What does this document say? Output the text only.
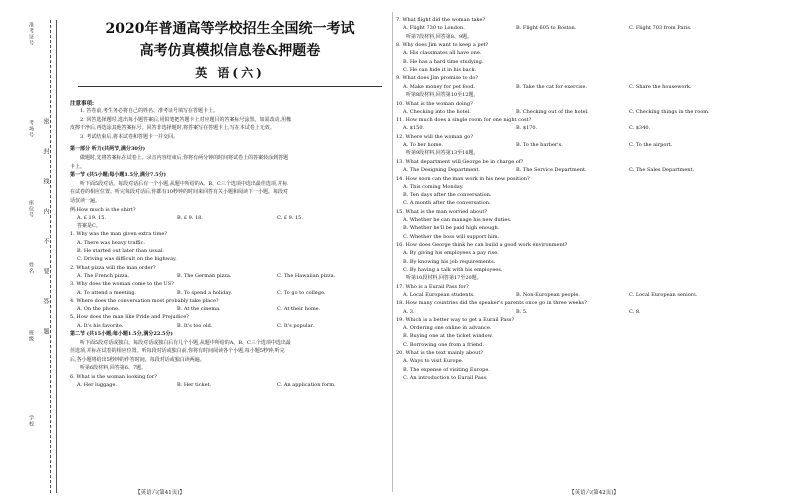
准考证号
考场号
座位号
姓名
班级
学校
密
封
线
内
不
要
答
题
2020年普通高等学校招生全国统一考试
高考仿真模拟信息卷&押题卷
英 语(六)
注意事项:
1. 答卷前,考生务必将自己的姓名、准考证号填写在答题卡上。
2. 回答选择题时,选出每小题答案后,用铅笔把答题卡上对应题目的答案标号涂黑。如需改动,用橡
皮擦干净后,再选涂其他答案标号。回答非选择题时,将答案写在答题卡上,写在本试卷上无效。
3. 考试结束后,将本试卷和答题卡一并交回。
第一部分 听力(共两节,满分30分)
做题时,先将答案标在试卷上。录音内容结束后,你将有两分钟的时间将试卷上的答案转涂到答题
卡上。
第一节 (共5小题;每小题1.5分,满分7.5分)
听下面5段对话。每段对话后有一个小题,从题中所给的A、B、C三个选项中选出最佳选项,并标
在试卷的相应位置。听完每段对话后,你都有10秒钟的时间来回答有关小题和阅读下一小题。每段对
话仅读一遍。
例:How much is the shirt?
A. £ 19. 15.	B. £ 9. 18.	C. £ 9. 15.
答案是C。
1. Why was the man given extra time?
A. There was heavy traffic.
B. He started out later than usual.
C. Driving was difficult on the highway.
2. What pizza will the man order?
A. The French pizza.	B. The German pizza.	C. The Hawaiian pizza.
3. Why does the woman come to the US?
A. To attend a meeting.	B. To spend a holiday.	C. To go to college.
4. Where does the conversation most probably take place?
A. On the phone.	B. At the cinema.	C. At their home.
5. How does the man like Pride and Prejudice?
A. It's his favorite.	B. It's too old.	C. It's popular.
第二节 (共15小题;每小题1.5分,满分22.5分)
听下面5段对话或独白。每段对话或独白后有几个小题,从题中所给的A、B、C三个选项中选出最
佳选项,并标在试卷的相应位置。听每段对话或独白前,你将有时间阅读各个小题,每小题5秒钟;听完
后,各小题将给出5秒钟的作答时间。每段对话或独白读两遍。
听第6段材料,回答第6、7题。
6. What is the woman looking for?
A. Her luggage.	B. Her ticket.	C. An application form.
7. What flight did the woman take?
A. Flight 730 to London.	B. Flight 605 to Boston.	C. Flight 703 from Paris.
听第7段材料,回答第8、9题。
8. Why does Jim want to keep a pet?
A. His classmates all have one.
B. He has a hard time studying.
C. He can hide it in his back.
9. What does Jim promise to do?
A. Make money for pet food.	B. Take the cat for exercise.	C. Share the housework.
听第8段材料,回答第10至12题。
10. What is the woman doing?
A. Checking into the hotel.	B. Checking out of the hotel.	C. Checking things in the room.
11. How much does a single room for one night cost?
A. $150.	B. $170.	C. $340.
12. Where will the woman go?
A. To her home.	B. To the barber's.	C. To the airport.
听第9段材料,回答第13至16题。
13. What department will George be in charge of?
A. The Designing Department.	B. The Service Department.	C. The Sales Department.
14. How soon can the man work in his new position?
A. This coming Monday.
B. Ten days after the conversation.
C. A month after the conversation.
15. What is the man worried about?
A. Whether he can manage his new duties.
B. Whether he'll be paid high enough.
C. Whether the boss will support him.
16. How does George think he can build a good work environment?
A. By giving his employees a pay rise.
B. By knowing his job requirements.
C. By having a talk with his employees.
听第10段材料,回答第17至20题。
17. Who is a Eurail Pass for?
A. Local European students.	B. Non-European people.	C. Local European seniors.
18. How many countries did the speaker's parents once go in three weeks?
A. 3.	B. 5.	C. 8.
19. Which is a better way to get a Eurail Pass?
A. Ordering one online in advance.
B. Buying one at the ticket window.
C. Borrowing one from a friend.
20. What is the text mainly about?
A. Ways to visit Europe.
B. The expense of visiting Europe.
C. An introduction to Eurail Pass.
【英语六(第41页)】	【英语六(第42页)】
